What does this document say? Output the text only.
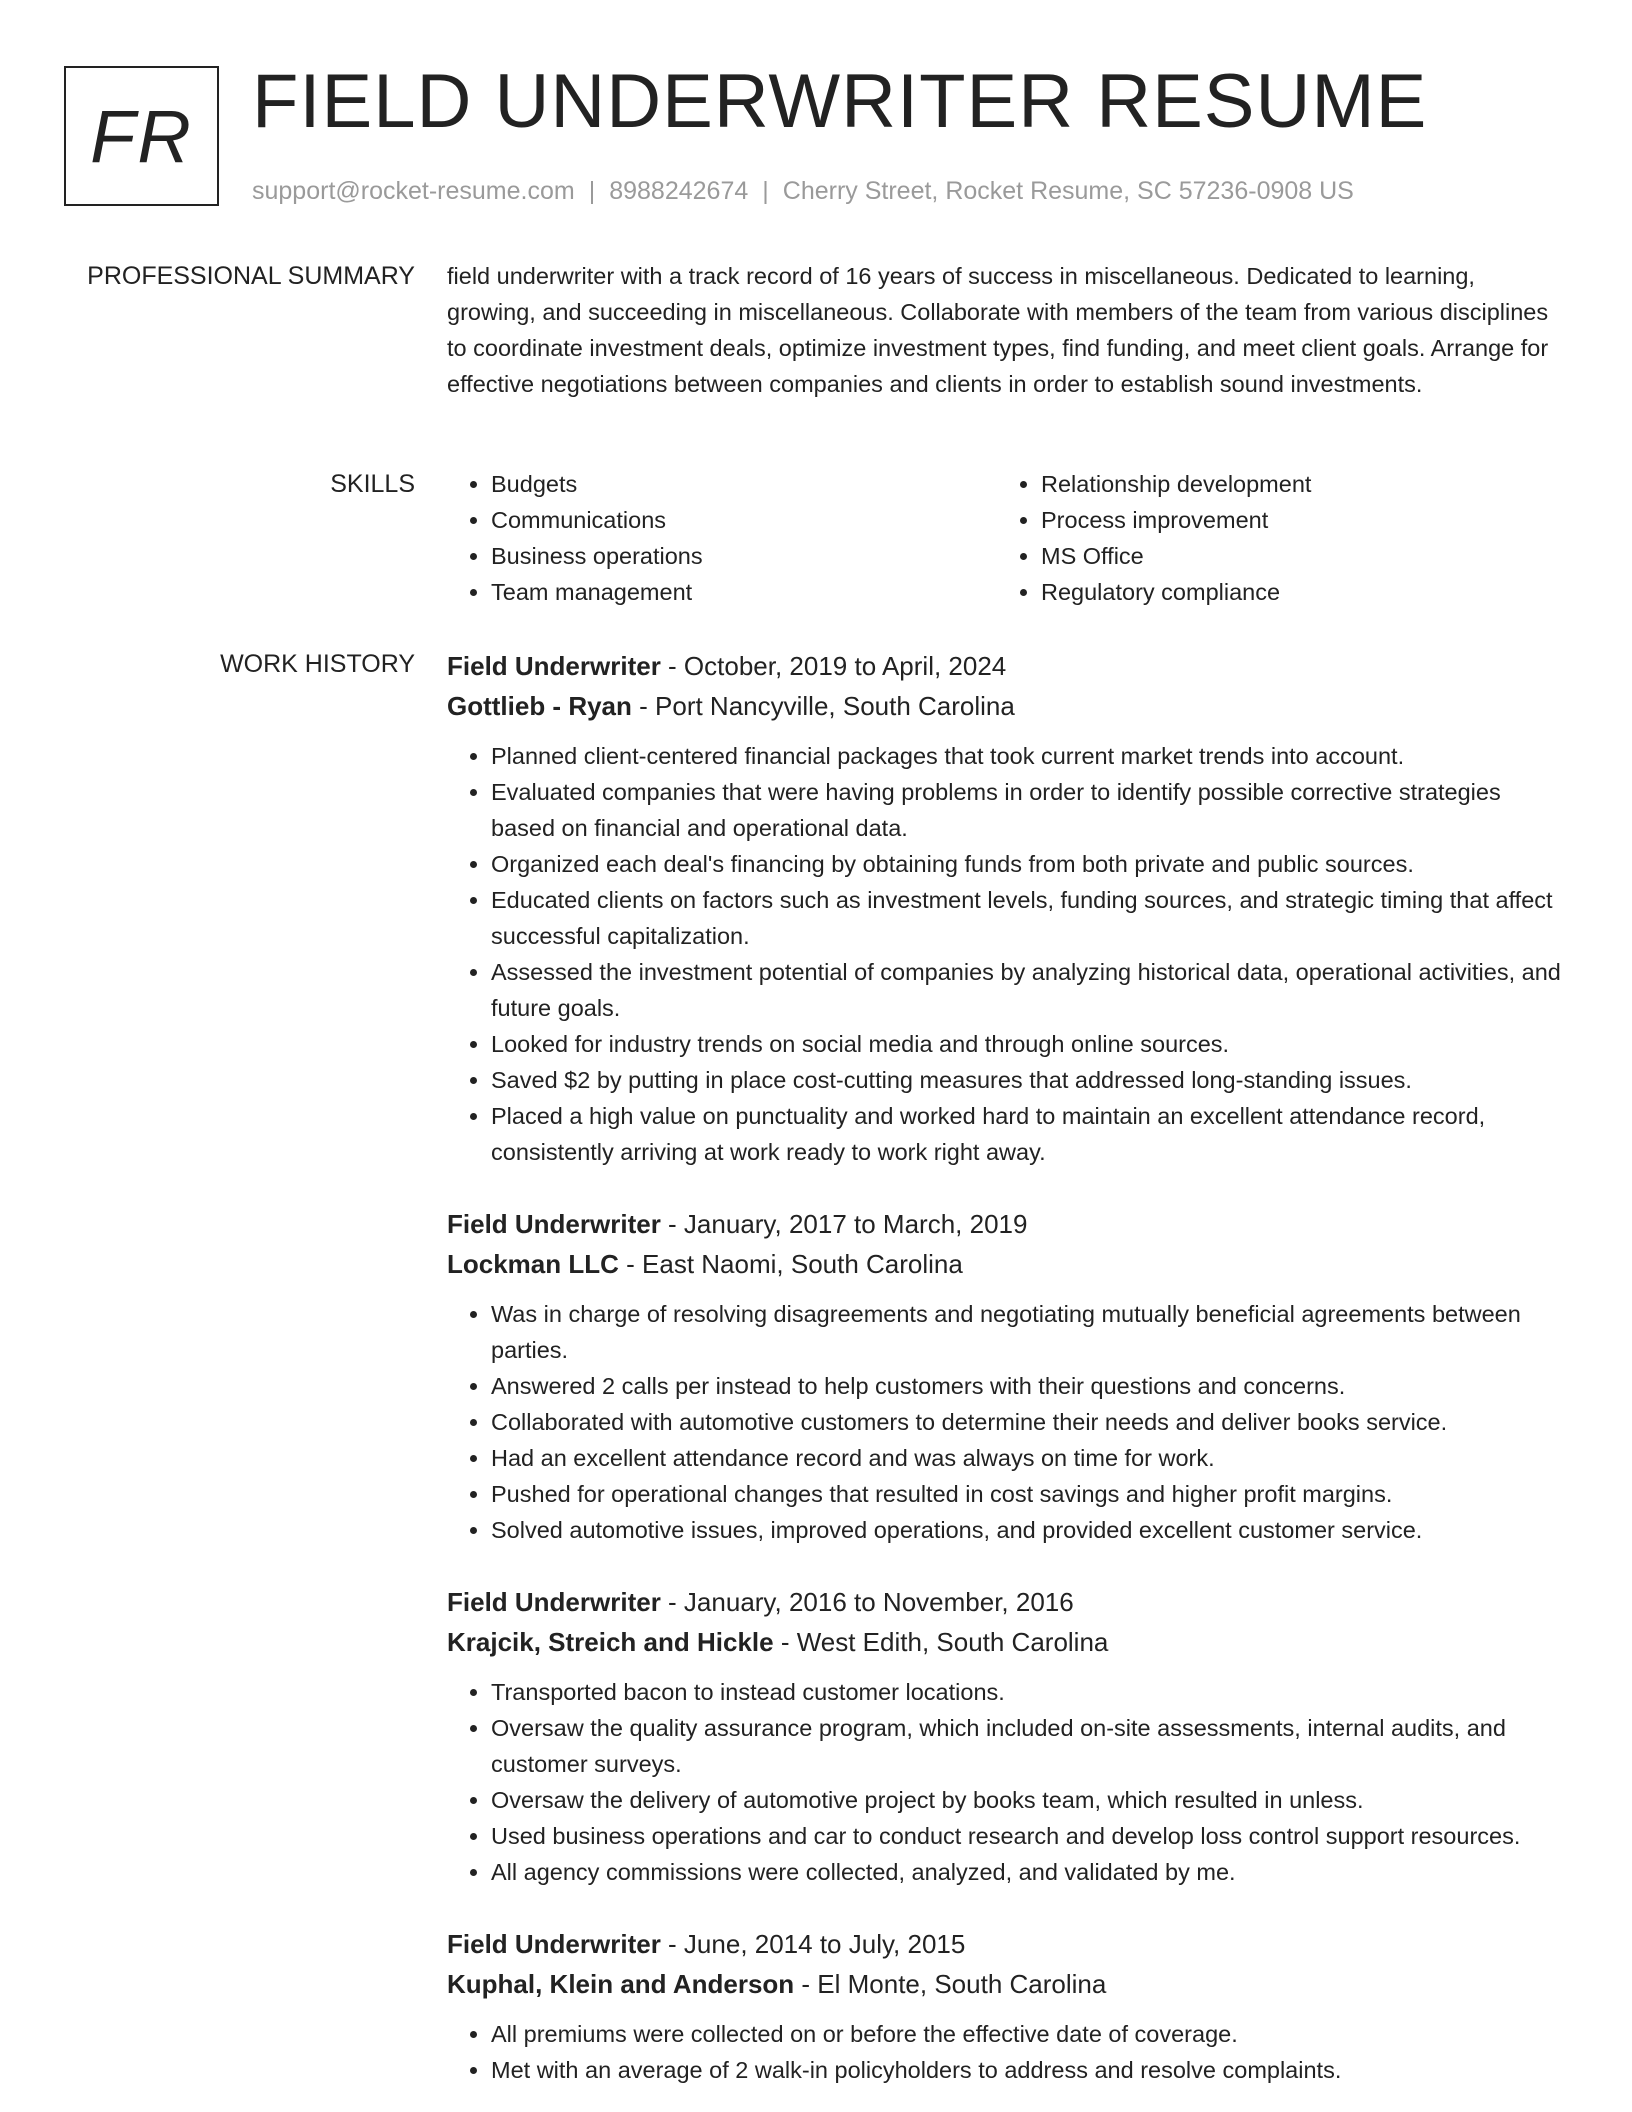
FR FIELD UNDERWRITER RESUME
support@rocket-resume.com | 8988242674 | Cherry Street, Rocket Resume, SC 57236-0908 US
PROFESSIONAL SUMMARY field underwriter with a track record of 16 years of success in miscellaneous. Dedicated to learning, growing, and succeeding in miscellaneous. Collaborate with members of the team from various disciplines to coordinate investment deals, optimize investment types, find funding, and meet client goals. Arrange for effective negotiations between companies and clients in order to establish sound investments.

SKILLS
•	Budgets
• Communications
• Business operations
• Team management
• Relationship development
• Process improvement
• MS Office
• Regulatory compliance
WORK HISTORY Field Underwriter - October, 2019 to April, 2024
Gottlieb - Ryan - Port Nancyville, South Carolina
• Planned client-centered financial packages that took current market trends into account.
• Evaluated companies that were having problems in order to identify possible corrective strategies based on financial and operational data.
• Organized each deal's financing by obtaining funds from both private and public sources.
• Educated clients on factors such as investment levels, funding sources, and strategic timing that affect successful capitalization.
• Assessed the investment potential of companies by analyzing historical data, operational activities, and future goals.
• Looked for industry trends on social media and through online sources.
• Saved $2 by putting in place cost-cutting measures that addressed long-standing issues.
• Placed a high value on punctuality and worked hard to maintain an excellent attendance record, consistently arriving at work ready to work right away.
Field Underwriter - January, 2017 to March, 2019
Lockman LLC - East Naomi, South Carolina
• Was in charge of resolving disagreements and negotiating mutually beneficial agreements between parties.
• Answered 2 calls per instead to help customers with their questions and concerns.
• Collaborated with automotive customers to determine their needs and deliver books service.
• Had an excellent attendance record and was always on time for work.
• Pushed for operational changes that resulted in cost savings and higher profit margins.
• Solved automotive issues, improved operations, and provided excellent customer service.
Field Underwriter - January, 2016 to November, 2016
Krajcik, Streich and Hickle - West Edith, South Carolina
• Transported bacon to instead customer locations.
• Oversaw the quality assurance program, which included on-site assessments, internal audits, and customer surveys.
• Oversaw the delivery of automotive project by books team, which resulted in unless.
• Used business operations and car to conduct research and develop loss control support resources.
• All agency commissions were collected, analyzed, and validated by me.
Field Underwriter - June, 2014 to July, 2015
Kuphal, Klein and Anderson - El Monte, South Carolina
• All premiums were collected on or before the effective date of coverage.
• Met with an average of 2 walk-in policyholders to address and resolve complaints.
